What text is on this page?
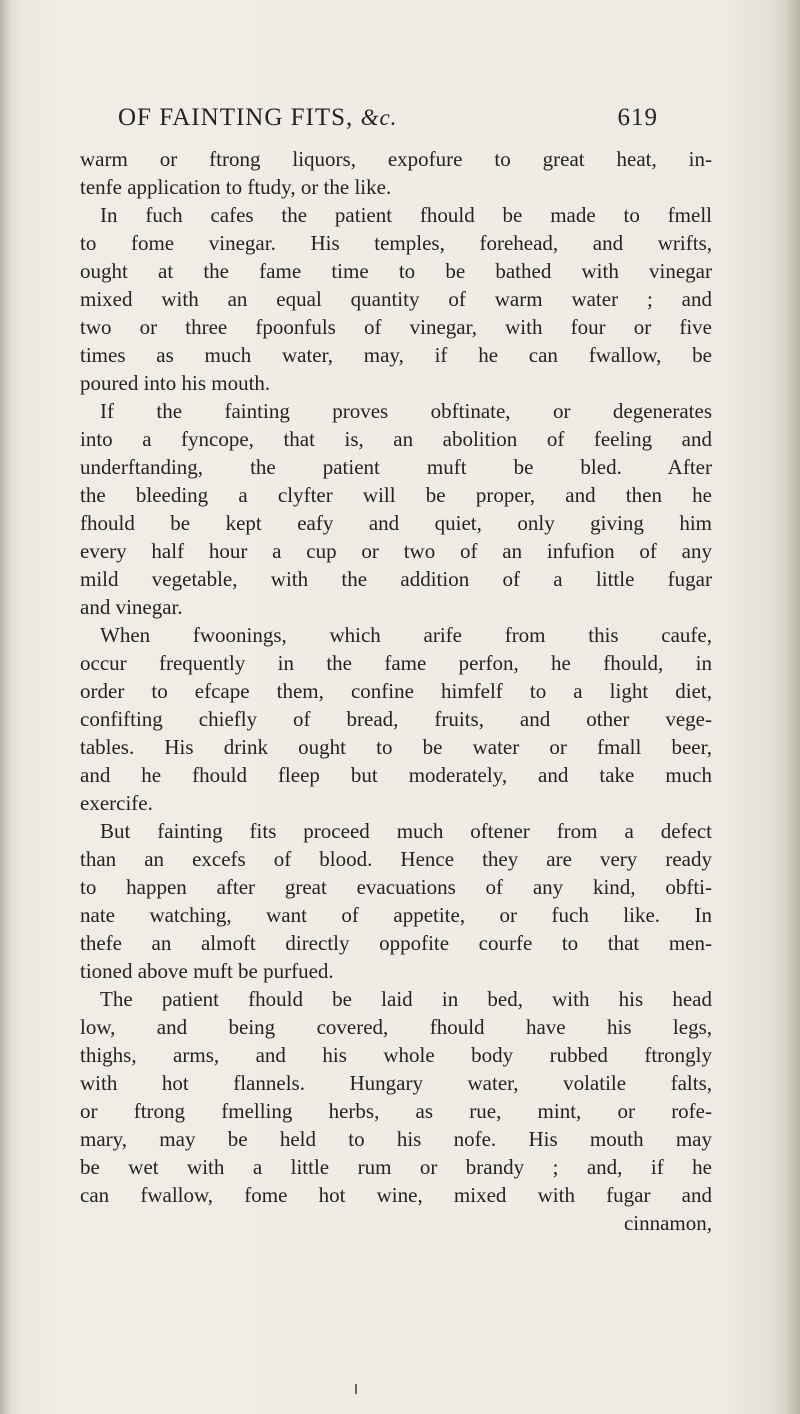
OF FAINTING FITS, &c.	619
warm or ftrong liquors, expofure to great heat, in-
tenfe application to ftudy, or the like.
In fuch cafes the patient fhould be made to fmell
to fome vinegar. His temples, forehead, and wrifts,
ought at the fame time to be bathed with vinegar
mixed with an equal quantity of warm water ; and
two or three fpoonfuls of vinegar, with four or five
times as much water, may, if he can fwallow, be
poured into his mouth.
If the fainting proves obftinate, or degenerates
into a fyncope, that is, an abolition of feeling and
underftanding, the patient muft be bled. After
the bleeding a clyfter will be proper, and then he
fhould be kept eafy and quiet, only giving him
every half hour a cup or two of an infufion of any
mild vegetable, with the addition of a little fugar
and vinegar.
When fwoonings, which arife from this caufe,
occur frequently in the fame perfon, he fhould, in
order to efcape them, confine himfelf to a light diet,
confifting chiefly of bread, fruits, and other vege-
tables. His drink ought to be water or fmall beer,
and he fhould fleep but moderately, and take much
exercife.
But fainting fits proceed much oftener from a defect
than an excefs of blood. Hence they are very ready
to happen after great evacuations of any kind, obfti-
nate watching, want of appetite, or fuch like. In
thefe an almoft directly oppofite courfe to that men-
tioned above muft be purfued.
The patient fhould be laid in bed, with his head
low, and being covered, fhould have his legs,
thighs, arms, and his whole body rubbed ftrongly
with hot flannels. Hungary water, volatile falts,
or ftrong fmelling herbs, as rue, mint, or rofe-
mary, may be held to his nofe. His mouth may
be wet with a little rum or brandy ; and, if he
can fwallow, fome hot wine, mixed with fugar and
cinnamon,
